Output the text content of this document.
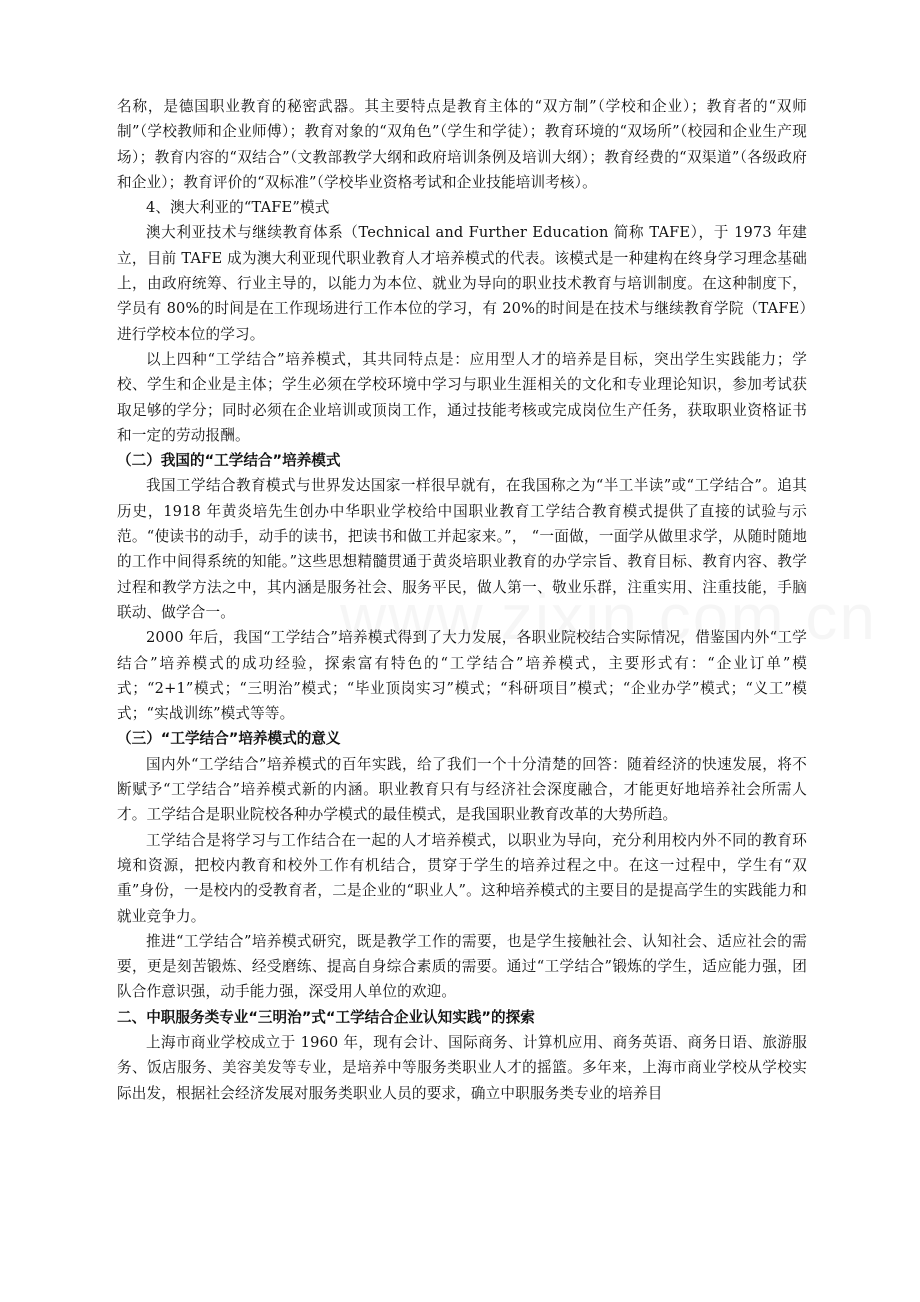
名称，是德国职业教育的秘密武器。其主要特点是教育主体的“双方制”（学校和企业）；教育者的“双师制”（学校教师和企业师傅）；教育对象的“双角色”（学生和学徒）；教育环境的“双场所”（校园和企业生产现场）；教育内容的“双结合”（文教部教学大纲和政府培训条例及培训大纲）；教育经费的“双渠道”（各级政府和企业）；教育评价的“双标准”（学校毕业资格考试和企业技能培训考核）。

4、澳大利亚的“TAFE”模式

澳大利亚技术与继续教育体系（Technical and Further Education 简称 TAFE），于 1973 年建立，目前 TAFE 成为澳大利亚现代职业教育人才培养模式的代表。该模式是一种建构在终身学习理念基础上，由政府统筹、行业主导的，以能力为本位、就业为导向的职业技术教育与培训制度。在这种制度下，学员有 80%的时间是在工作现场进行工作本位的学习，有 20%的时间是在技术与继续教育学院（TAFE）进行学校本位的学习。

以上四种“工学结合”培养模式，其共同特点是：应用型人才的培养是目标，突出学生实践能力；学校、学生和企业是主体；学生必须在学校环境中学习与职业生涯相关的文化和专业理论知识，参加考试获取足够的学分；同时必须在企业培训或顶岗工作，通过技能考核或完成岗位生产任务，获取职业资格证书和一定的劳动报酬。

（二）我国的“工学结合”培养模式

我国工学结合教育模式与世界发达国家一样很早就有，在我国称之为“半工半读”或“工学结合”。追其历史，1918 年黄炎培先生创办中华职业学校给中国职业教育工学结合教育模式提供了直接的试验与示范。“使读书的动手，动手的读书，把读书和做工并起家来。”， “一面做，一面学从做里求学，从随时随地的工作中间得系统的知能。”这些思想精髓贯通于黄炎培职业教育的办学宗旨、教育目标、教育内容、教学过程和教学方法之中，其内涵是服务社会、服务平民，做人第一、敬业乐群，注重实用、注重技能，手脑联动、做学合一。

2000 年后，我国“工学结合”培养模式得到了大力发展，各职业院校结合实际情况，借鉴国内外“工学结合”培养模式的成功经验，探索富有特色的“工学结合”培养模式，主要形式有：“企业订单”模式；“2+1”模式；“三明治”模式；“毕业顶岗实习”模式；“科研项目”模式；“企业办学”模式；“义工”模式；“实战训练”模式等等。

（三）“工学结合”培养模式的意义

国内外“工学结合”培养模式的百年实践，给了我们一个十分清楚的回答：随着经济的快速发展，将不断赋予“工学结合”培养模式新的内涵。职业教育只有与经济社会深度融合，才能更好地培养社会所需人才。工学结合是职业院校各种办学模式的最佳模式，是我国职业教育改革的大势所趋。

工学结合是将学习与工作结合在一起的人才培养模式，以职业为导向，充分利用校内外不同的教育环境和资源，把校内教育和校外工作有机结合，贯穿于学生的培养过程之中。在这一过程中，学生有“双重”身份，一是校内的受教育者，二是企业的“职业人”。这种培养模式的主要目的是提高学生的实践能力和就业竞争力。

推进“工学结合”培养模式研究，既是教学工作的需要，也是学生接触社会、认知社会、适应社会的需要，更是刻苦锻炼、经受磨练、提高自身综合素质的需要。通过“工学结合”锻炼的学生，适应能力强，团队合作意识强，动手能力强，深受用人单位的欢迎。

二、中职服务类专业“三明治”式“工学结合企业认知实践”的探索

上海市商业学校成立于 1960 年，现有会计、国际商务、计算机应用、商务英语、商务日语、旅游服务、饭店服务、美容美发等专业，是培养中等服务类职业人才的摇篮。多年来，上海市商业学校从学校实际出发，根据社会经济发展对服务类职业人员的要求，确立中职服务类专业的培养目
